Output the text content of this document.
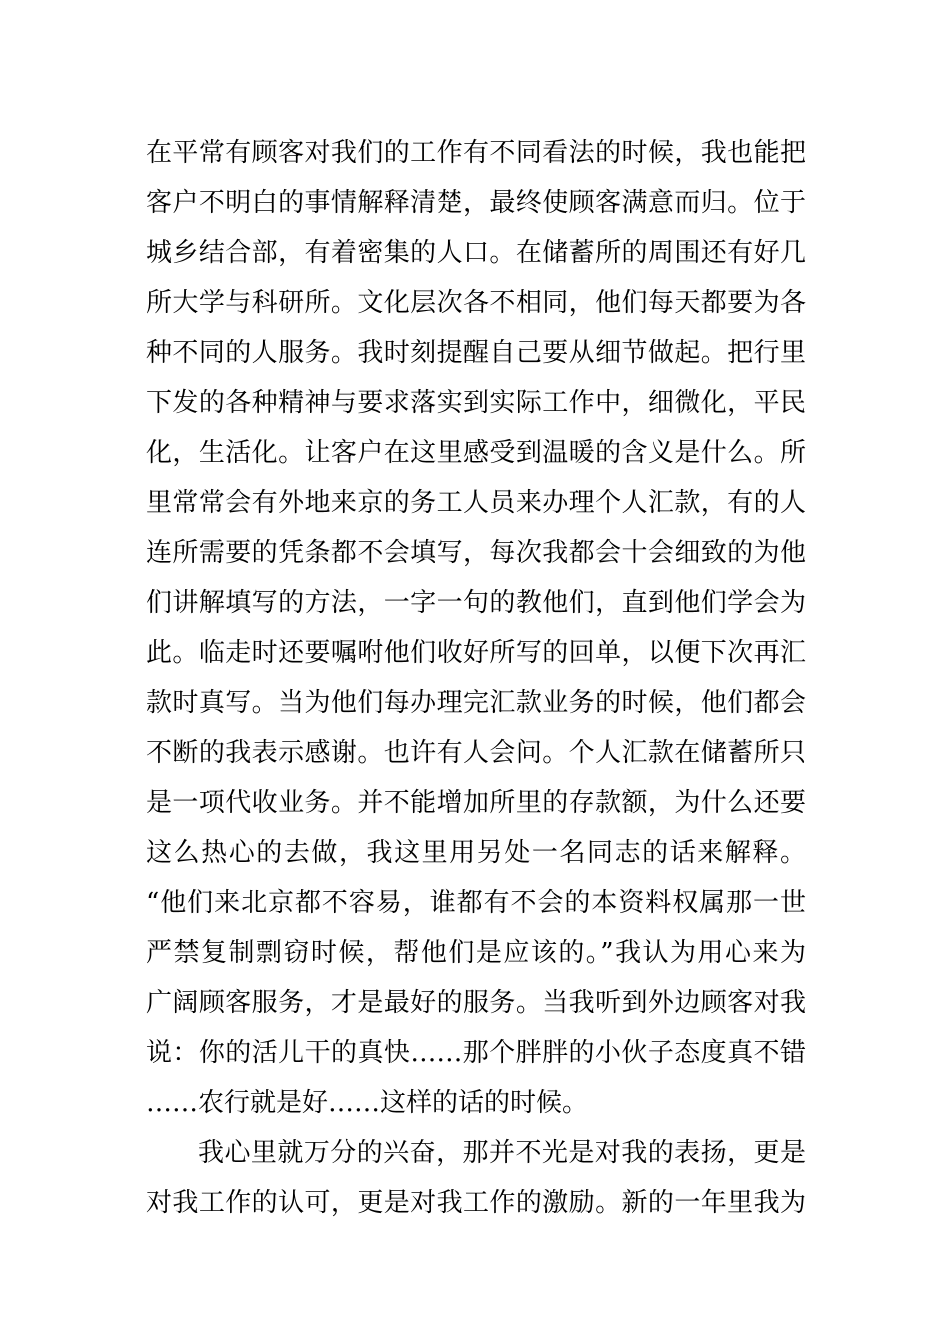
在平常有顾客对我们的工作有不同看法的时候，我也能把
客户不明白的事情解释清楚，最终使顾客满意而归。位于
城乡结合部，有着密集的人口。在储蓄所的周围还有好几
所大学与科研所。文化层次各不相同，他们每天都要为各
种不同的人服务。我时刻提醒自己要从细节做起。把行里
下发的各种精神与要求落实到实际工作中，细微化，平民
化，生活化。让客户在这里感受到温暖的含义是什么。所
里常常会有外地来京的务工人员来办理个人汇款，有的人
连所需要的凭条都不会填写，每次我都会十会细致的为他
们讲解填写的方法，一字一句的教他们，直到他们学会为
此。临走时还要嘱咐他们收好所写的回单，以便下次再汇
款时真写。当为他们每办理完汇款业务的时候，他们都会
不断的我表示感谢。也许有人会问。个人汇款在储蓄所只
是一项代收业务。并不能增加所里的存款额，为什么还要
这么热心的去做，我这里用另处一名同志的话来解释。
“他们来北京都不容易，谁都有不会的本资料权属那一世
严禁复制剽窃时候，帮他们是应该的。”我认为用心来为
广阔顾客服务，才是最好的服务。当我听到外边顾客对我
说：你的活儿干的真快……那个胖胖的小伙子态度真不错
……农行就是好……这样的话的时候。
我心里就万分的兴奋，那并不光是对我的表扬，更是
对我工作的认可，更是对我工作的激励。新的一年里我为
